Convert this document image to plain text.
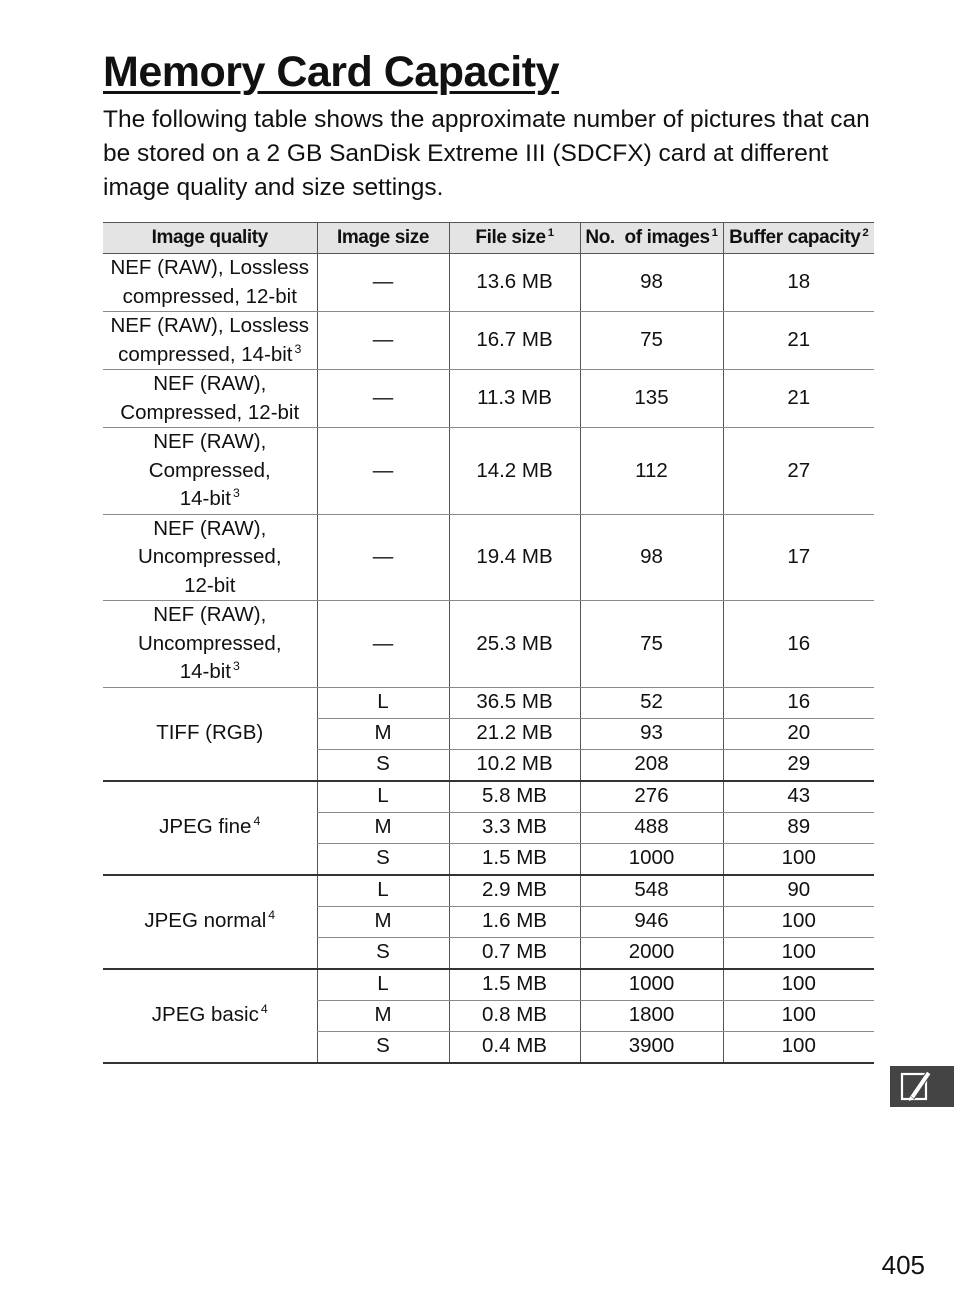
Memory Card Capacity

The following table shows the approximate number of pictures that can be stored on a 2 GB SanDisk Extreme III (SDCFX) card at different image quality and size settings.

Image quality	Image size	File size $^1$	No.  of images $^1$	Buffer capacity $^2$
NEF (RAW), Lossless
compressed, 12-bit	—	13.6 MB	98	18
NEF (RAW), Lossless
compressed, 14-bit $^3$	—	16.7 MB	75	21
NEF (RAW),
Compressed, 12-bit	—	11.3 MB	135	21
NEF (RAW),
Compressed,
14-bit $^3$	—	14.2 MB	112	27
NEF (RAW),
Uncompressed,
12-bit	—	19.4 MB	98	17
NEF (RAW),
Uncompressed,
14-bit $^3$	—	25.3 MB	75	16
TIFF (RGB)	L	36.5 MB	52	16
	M	21.2 MB	93	20
	S	10.2 MB	208	29
JPEG fine $^4$	L	5.8 MB	276	43
	M	3.3 MB	488	89
	S	1.5 MB	1000	100
JPEG normal $^4$	L	2.9 MB	548	90
	M	1.6 MB	946	100
	S	0.7 MB	2000	100
JPEG basic $^4$	L	1.5 MB	1000	100
	M	0.8 MB	1800	100
	S	0.4 MB	3900	100
405
